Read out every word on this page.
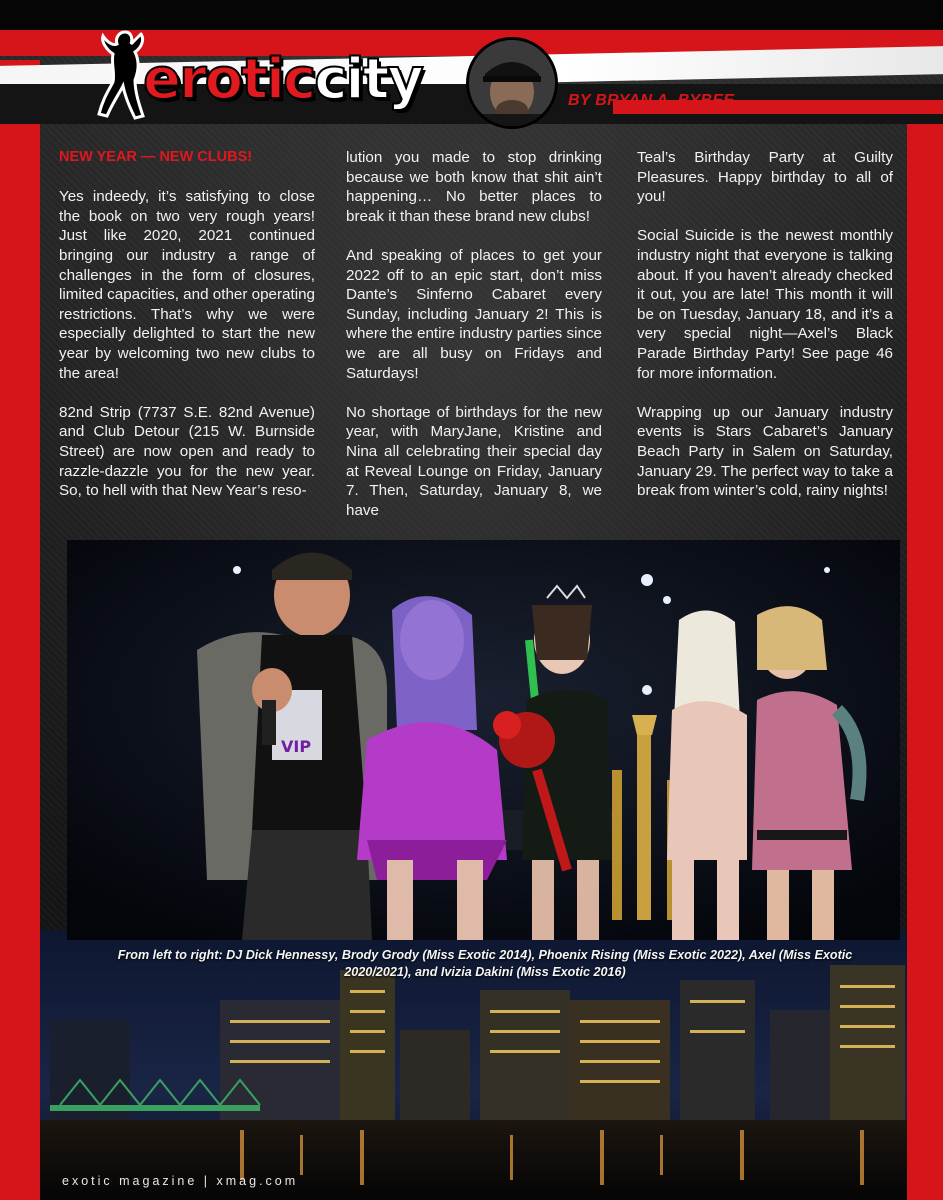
eroticcity	BY BRYAN A. BYBEE
NEW YEAR — NEW CLUBS!

Yes indeedy, it’s satisfying to close the book on two very rough years! Just like 2020, 2021 continued bringing our industry a range of challenges in the form of closures, limited capacities, and other operating restrictions. That’s why we were especially delighted to start the new year by welcoming two new clubs to the area!

82nd Strip (7737 S.E. 82nd Avenue) and Club Detour (215 W. Burnside Street) are now open and ready to razzle-dazzle you for the new year. So, to hell with that New Year’s reso-

lution you made to stop drinking because we both know that shit ain’t happening… No better places to break it than these brand new clubs!

And speaking of places to get your 2022 off to an epic start, don’t miss Dante’s Sinferno Cabaret every Sunday, including January 2! This is where the entire industry parties since we are all busy on Fridays and Saturdays!

No shortage of birthdays for the new year, with MaryJane, Kristine and Nina all celebrating their special day at Reveal Lounge on Friday, January 7. Then, Saturday, January 8, we have

Teal’s Birthday Party at Guilty Pleasures. Happy birthday to all of you!

Social Suicide is the newest monthly industry night that everyone is talking about. If you haven’t already checked it out, you are late! This month it will be on Tuesday, January 18, and it’s a very special night—Axel’s Black Parade Birthday Party! See page 46 for more information.

Wrapping up our January industry events is Stars Cabaret’s January Beach Party in Salem on Saturday, January 29. The perfect way to take a break from winter’s cold, rainy nights!

VIP
From left to right: DJ Dick Hennessy, Brody Grody (Miss Exotic 2014), Phoenix Rising (Miss Exotic 2022), Axel (Miss Exotic 2020/2021), and Ivizia Dakini (Miss Exotic 2016)
18	exotic magazine | xmag.com
